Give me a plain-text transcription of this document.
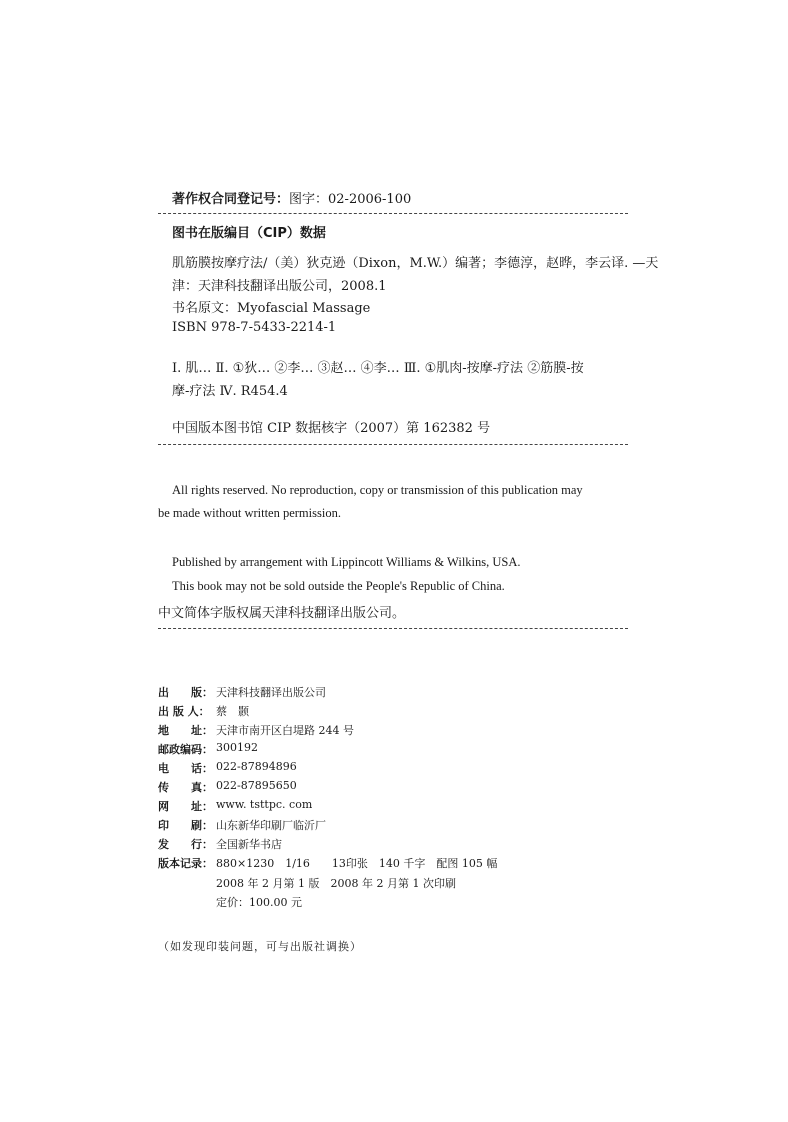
著作权合同登记号：图字：02-2006-100
图书在版编目（CIP）数据
肌筋膜按摩疗法/（美）狄克逊（Dixon，M.W.）编著；李德淳，赵晔，李云译. —天
津：天津科技翻译出版公司，2008.1
书名原文：Myofascial Massage
ISBN 978-7-5433-2214-1
Ⅰ. 肌… Ⅱ. ①狄… ②李… ③赵… ④李… Ⅲ. ①肌肉-按摩-疗法 ②筋膜-按
摩-疗法 Ⅳ. R454.4
中国版本图书馆 CIP 数据核字（2007）第 162382 号
All rights reserved. No reproduction, copy or transmission of this publication may
be made without written permission.
Published by arrangement with Lippincott Williams & Wilkins, USA.
This book may not be sold outside the People's Republic of China.
中文简体字版权属天津科技翻译出版公司。
出　　版： 天津科技翻译出版公司
出 版 人： 蔡　颢
地　　址： 天津市南开区白堤路 244 号
邮政编码： 300192
电　　话： 022-87894896
传　　真： 022-87895650
网　　址： www. tsttpc. com
印　　刷： 山东新华印刷厂临沂厂
发　　行： 全国新华书店
版本记录： 880×1230　1/16　　13印张　140 千字　配图 105 幅
2008 年 2 月第 1 版　2008 年 2 月第 1 次印刷
定价：100.00 元
（如发现印装问题，可与出版社调换）
